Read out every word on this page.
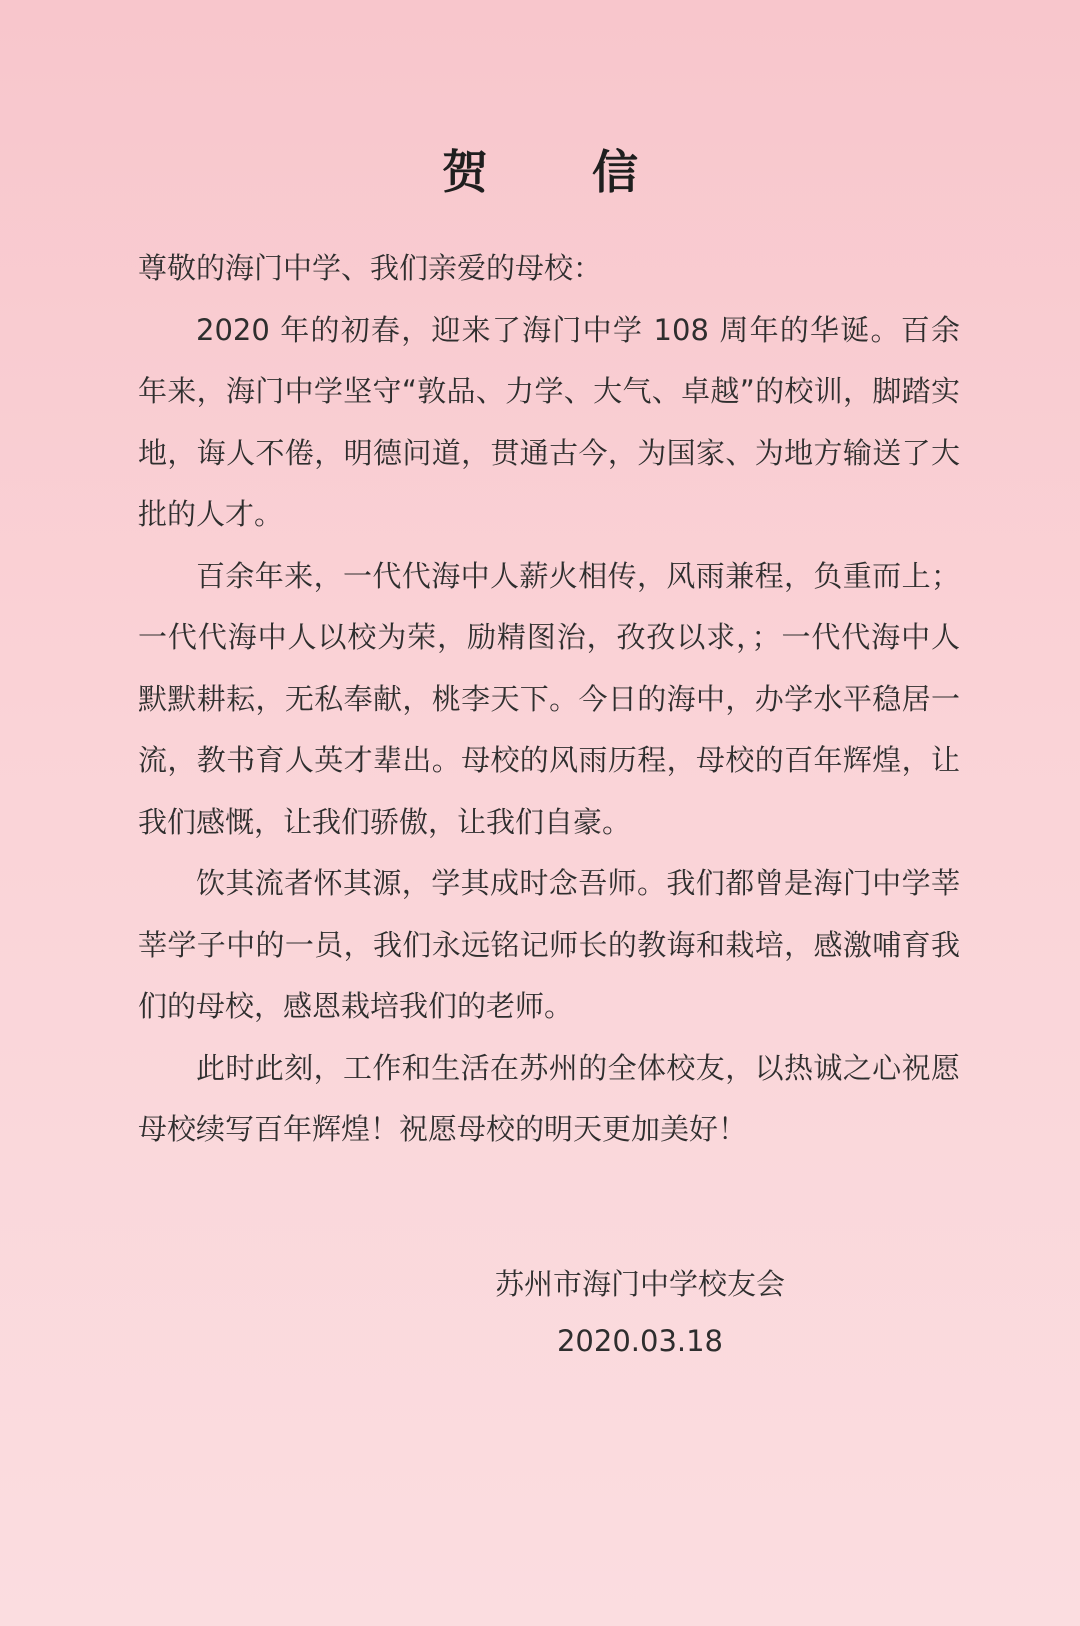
贺 信

尊敬的海门中学、我们亲爱的母校：

2020 年的初春，迎来了海门中学 108 周年的华诞。百余年来，海门中学坚守“敦品、力学、大气、卓越”的校训，脚踏实地，诲人不倦，明德问道，贯通古今，为国家、为地方输送了大批的人才。

百余年来，一代代海中人薪火相传，风雨兼程，负重而上；一代代海中人以校为荣，励精图治，孜孜以求，；一代代海中人默默耕耘，无私奉献，桃李天下。今日的海中，办学水平稳居一流，教书育人英才辈出。母校的风雨历程，母校的百年辉煌，让我们感慨，让我们骄傲，让我们自豪。

饮其流者怀其源，学其成时念吾师。我们都曾是海门中学莘莘学子中的一员，我们永远铭记师长的教诲和栽培，感激哺育我们的母校，感恩栽培我们的老师。

此时此刻，工作和生活在苏州的全体校友，以热诚之心祝愿母校续写百年辉煌！祝愿母校的明天更加美好！

苏州市海门中学校友会

2020.03.18
